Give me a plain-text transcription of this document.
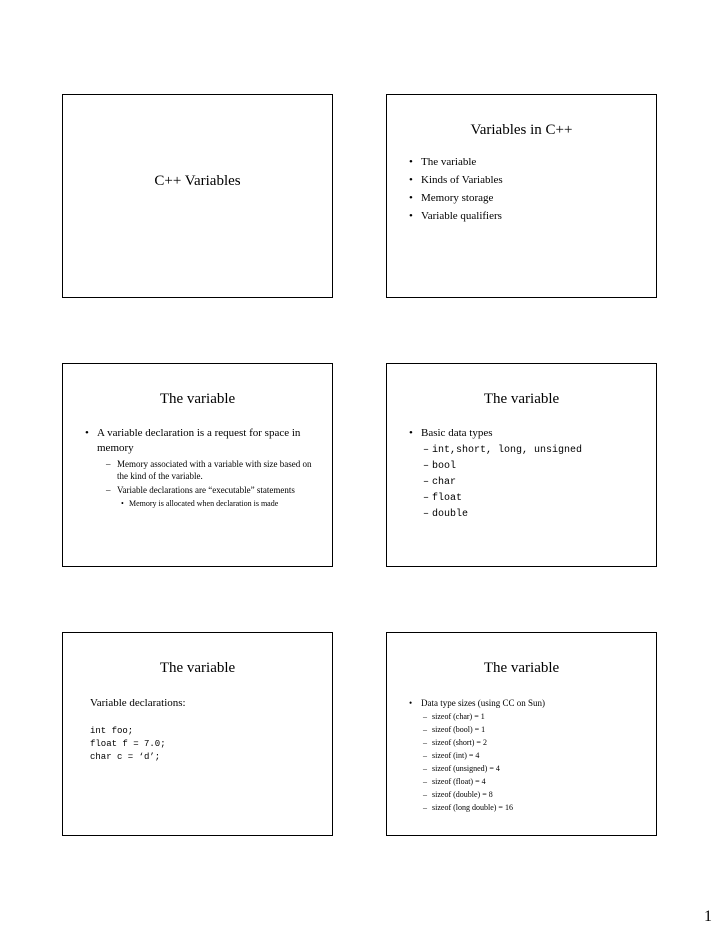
C++ Variables
Variables in C++
• The variable
• Kinds of Variables
• Memory storage
• Variable qualifiers
The variable
• A variable declaration is a request for space in memory
– Memory associated with a variable with size based on the kind of the variable.
– Variable declarations are “executable” statements
• Memory is allocated when declaration is made
The variable
• Basic data types
– int,short, long, unsigned
– bool
– char
– float
– double
The variable
Variable declarations:
int foo;
float f = 7.0;
char c = ‘d’;
The variable
• Data type sizes (using CC on Sun)
– sizeof (char) = 1
– sizeof (bool) = 1
– sizeof (short) = 2
– sizeof (int) = 4
– sizeof (unsigned) = 4
– sizeof (float) = 4
– sizeof (double) = 8
– sizeof (long double) = 16
1
